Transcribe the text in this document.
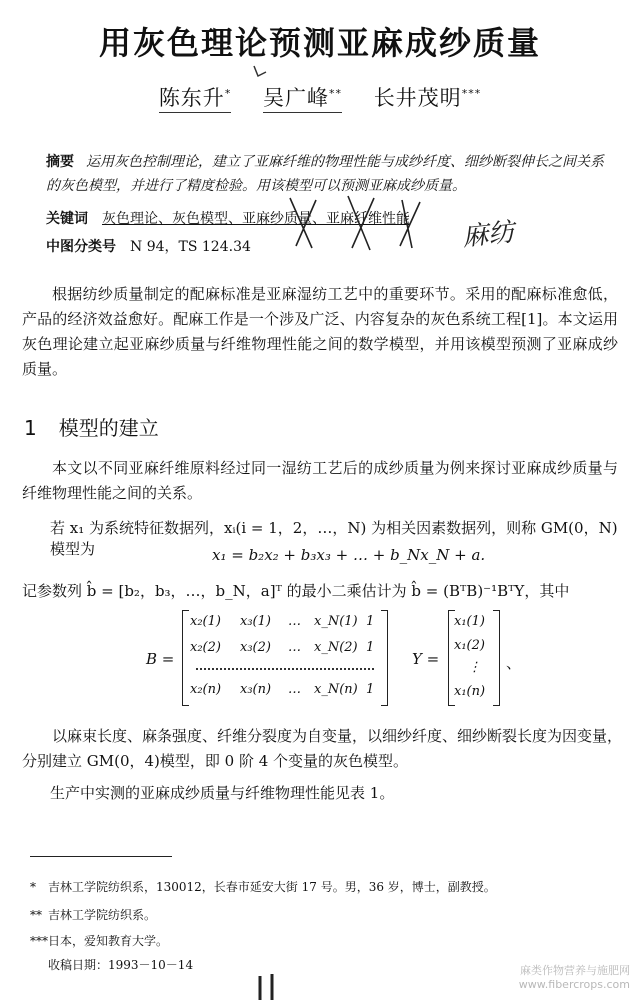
用灰色理论预测亚麻成纱质量
陈东升* 吴广峰** 长井茂明***
摘要 运用灰色控制理论，建立了亚麻纤维的物理性能与成纱纤度、细纱断裂伸长之间关系的灰色模型，并进行了精度检验。用该模型可以预测亚麻成纱质量。
关键词 灰色理论、灰色模型、亚麻纱质量、亚麻纤维性能
中图分类号 N 94，TS 124.34	麻纺
根据纺纱质量制定的配麻标准是亚麻湿纺工艺中的重要环节。采用的配麻标准愈低，产品的经济效益愈好。配麻工作是一个涉及广泛、内容复杂的灰色系统工程[1]。本文运用灰色理论建立起亚麻纱质量与纤维物理性能之间的数学模型，并用该模型预测了亚麻成纱质量。
1 模型的建立
本文以不同亚麻纤维原料经过同一湿纺工艺后的成纱质量为例来探讨亚麻成纱质量与纤维物理性能之间的关系。
若 x₁ 为系统特征数据列，xᵢ(i = 1，2，…，N) 为相关因素数据列，则称 GM(0，N)模型为	x₁ = b₂x₂ + b₃x₃ + … + b_Nx_N + a.
记参数列 b̂ = [b₂，b₃，…，b_N，a]ᵀ 的最小二乘估计为 b̂ = (BᵀB)⁻¹BᵀY，其中
B =
x₂(1) x₃(1) … x_N(1) 1
x₂(2) x₃(2) … x_N(2) 1
x₂(n) x₃(n) … x_N(n) 1
Y =
x₁(1)
x₁(2)
⋮
x₁(n)
、
以麻束长度、麻条强度、纤维分裂度为自变量，以细纱纤度、细纱断裂长度为因变量，分别建立 GM(0，4)模型，即 0 阶 4 个变量的灰色模型。
生产中实测的亚麻成纱质量与纤维物理性能见表 1。
* 吉林工学院纺织系，130012，长春市延安大街 17 号。男，36 岁，博士，副教授。
** 吉林工学院纺织系。
***日本，爱知教育大学。
收稿日期：1993－10－14	麻类作物营养与施肥网
www.fibercrops.com
